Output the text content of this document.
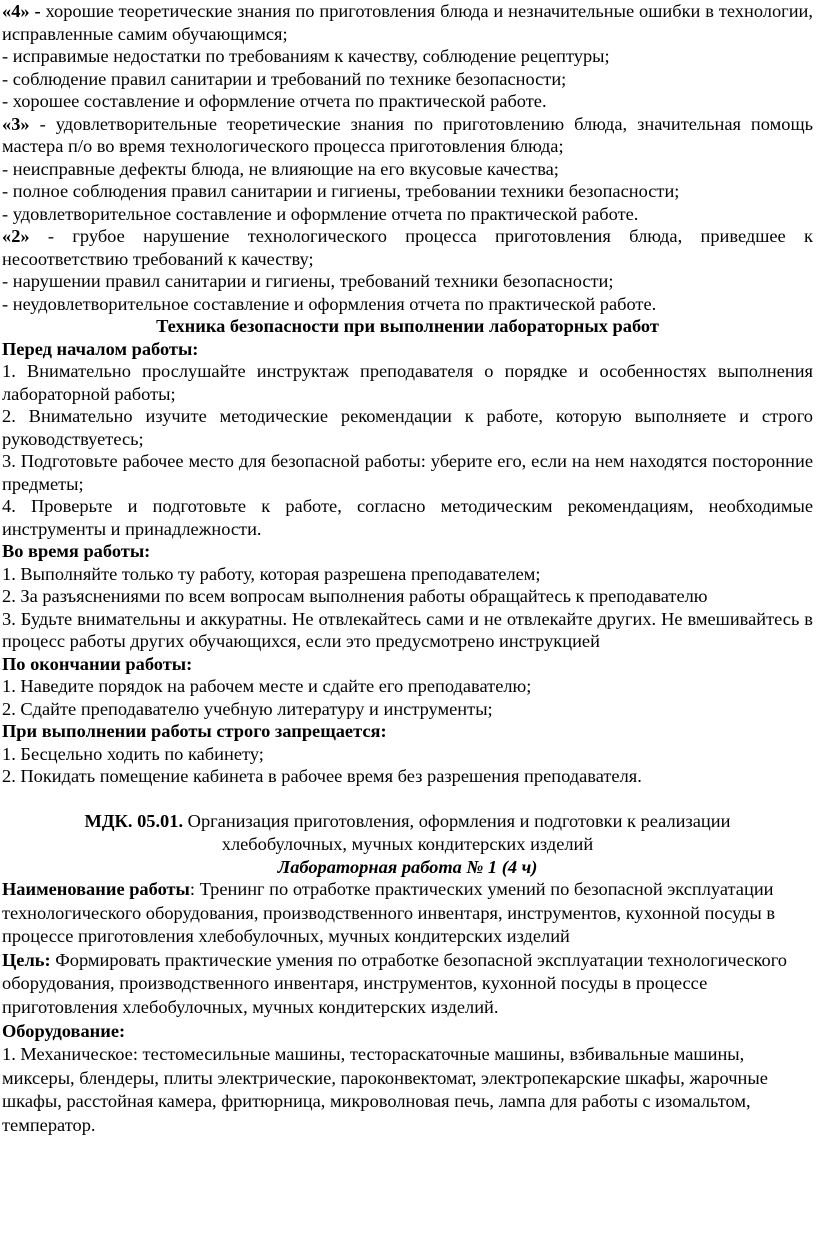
«4» - хорошие теоретические знания по приготовления блюда и незначительные ошибки в технологии, исправленные самим обучающимся;

- исправимые недостатки по требованиям к качеству, соблюдение рецептуры;

- соблюдение правил санитарии и требований по технике безопасности;

- хорошее составление и оформление отчета по практической работе.

«3» - удовлетворительные теоретические знания по приготовлению блюда, значительная помощь мастера п/о во время технологического процесса приготовления блюда;

- неисправные дефекты блюда, не влияющие на его вкусовые качества;

- полное соблюдения правил санитарии и гигиены, требовании техники безопасности;

- удовлетворительное составление и оформление отчета по практической работе.

«2» - грубое нарушение технологического процесса приготовления блюда, приведшее к несоответствию требований к качеству;

- нарушении правил санитарии и гигиены, требований техники безопасности;

- неудовлетворительное составление и оформления отчета по практической работе.

Техника безопасности при выполнении лабораторных работ

Перед началом работы:

1. Внимательно прослушайте инструктаж преподавателя о порядке и особенностях выполнения лабораторной работы;

2. Внимательно изучите методические рекомендации к работе, которую выполняете и строго руководствуетесь;

3. Подготовьте рабочее место для безопасной работы: уберите его, если на нем находятся посторонние предметы;

4. Проверьте и подготовьте к работе, согласно методическим рекомендациям, необходимые инструменты и принадлежности.

Во время работы:

1. Выполняйте только ту работу, которая разрешена преподавателем;

2. За разъяснениями по всем вопросам выполнения работы обращайтесь к преподавателю

3. Будьте внимательны и аккуратны. Не отвлекайтесь сами и не отвлекайте других. Не вмешивайтесь в процесс работы других обучающихся, если это предусмотрено инструкцией

По окончании работы:

1. Наведите порядок на рабочем месте и сдайте его преподавателю;

2. Сдайте преподавателю учебную литературу и инструменты;

При выполнении работы строго запрещается:

1. Бесцельно ходить по кабинету;

2. Покидать помещение кабинета в рабочее время без разрешения преподавателя.

МДК. 05.01. Организация приготовления, оформления и подготовки к реализации хлебобулочных, мучных кондитерских изделий

Лабораторная работа № 1 (4 ч)

Наименование работы: Тренинг по отработке практических умений по безопасной эксплуатации технологического оборудования, производственного инвентаря, инструментов, кухонной посуды в процессе приготовления хлебобулочных, мучных кондитерских изделий

Цель: Формировать практические умения по отработке безопасной эксплуатации технологического оборудования, производственного инвентаря, инструментов, кухонной посуды в процессе приготовления хлебобулочных, мучных кондитерских изделий.

Оборудование:

1. Механическое: тестомесильные машины, тестораскаточные машины, взбивальные машины, миксеры, блендеры, плиты электрические, пароконвектомат, электропекарские шкафы, жарочные шкафы, расстойная камера, фритюрница, микроволновая печь, лампа для работы с изомальтом, температор.
